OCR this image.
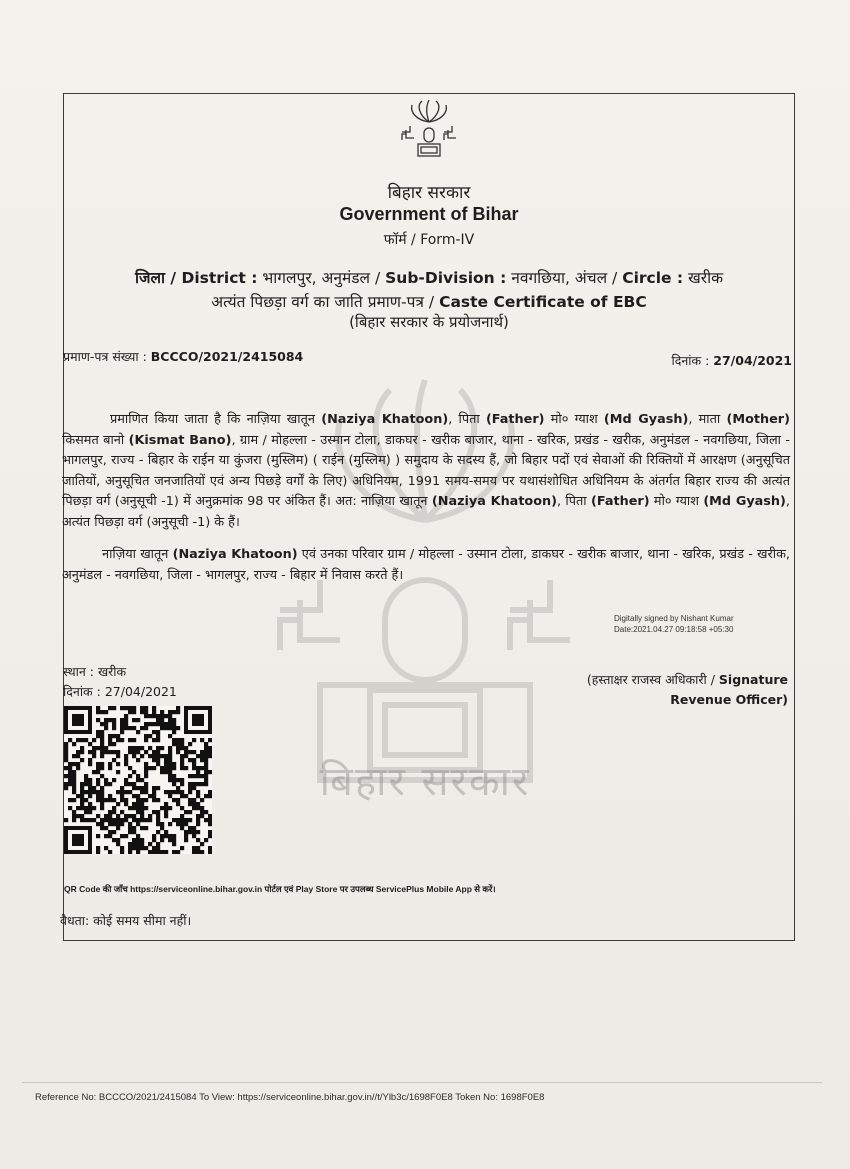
बिहार सरकार
बिहार सरकार
Government of Bihar
फॉर्म / Form-IV
जिला / District : भागलपुर, अनुमंडल / Sub-Division : नवगछिया, अंचल / Circle : खरीक
अत्यंत पिछड़ा वर्ग का जाति प्रमाण-पत्र / Caste Certificate of EBC
(बिहार सरकार के प्रयोजनार्थ)
प्रमाण-पत्र संख्या : BCCCO/2021/2415084	दिनांक : 27/04/2021
प्रमाणित किया जाता है कि नाज़िया खातून (Naziya Khatoon), पिता (Father) मो० ग्याश (Md Gyash), माता (Mother) किसमत बानो (Kismat Bano), ग्राम / मोहल्ला - उस्मान टोला, डाकघर - खरीक बाजार, थाना - खरिक, प्रखंड - खरीक, अनुमंडल - नवगछिया, जिला - भागलपुर, राज्य - बिहार के राईन या कुंजरा (मुस्लिम) ( राईन (मुस्लिम) ) समुदाय के सदस्य हैं, जो बिहार पदों एवं सेवाओं की रिक्तियों में आरक्षण (अनुसूचित जातियों, अनुसूचित जनजातियों एवं अन्य पिछड़े वर्गों के लिए) अधिनियम, 1991 समय-समय पर यथासंशोधित अधिनियम के अंतर्गत बिहार राज्य की अत्यंत पिछड़ा वर्ग (अनुसूची -1) में अनुक्रमांक 98 पर अंकित हैं। अत: नाज़िया खातून (Naziya Khatoon), पिता (Father) मो० ग्याश (Md Gyash), अत्यंत पिछड़ा वर्ग (अनुसूची -1) के हैं।
नाज़िया खातून (Naziya Khatoon) एवं उनका परिवार ग्राम / मोहल्ला - उस्मान टोला, डाकघर - खरीक बाजार, थाना - खरिक, प्रखंड - खरीक, अनुमंडल - नवगछिया, जिला - भागलपुर, राज्य - बिहार में निवास करते हैं।
Digitally signed by Nishant Kumar
Date:2021.04.27 09:18:58 +05:30
स्थान : खरीक
दिनांक : 27/04/2021
(हस्ताक्षर राजस्व अधिकारी / Signature
Revenue Officer)
QR Code की जाँच https://serviceonline.bihar.gov.in पोर्टल एवं Play Store पर उपलब्ध ServicePlus Mobile App से करें।
वैधता: कोई समय सीमा नहीं।
Reference No: BCCCO/2021/2415084 To View: https://serviceonline.bihar.gov.in//t/Ylb3c/1698F0E8 Token No: 1698F0E8
